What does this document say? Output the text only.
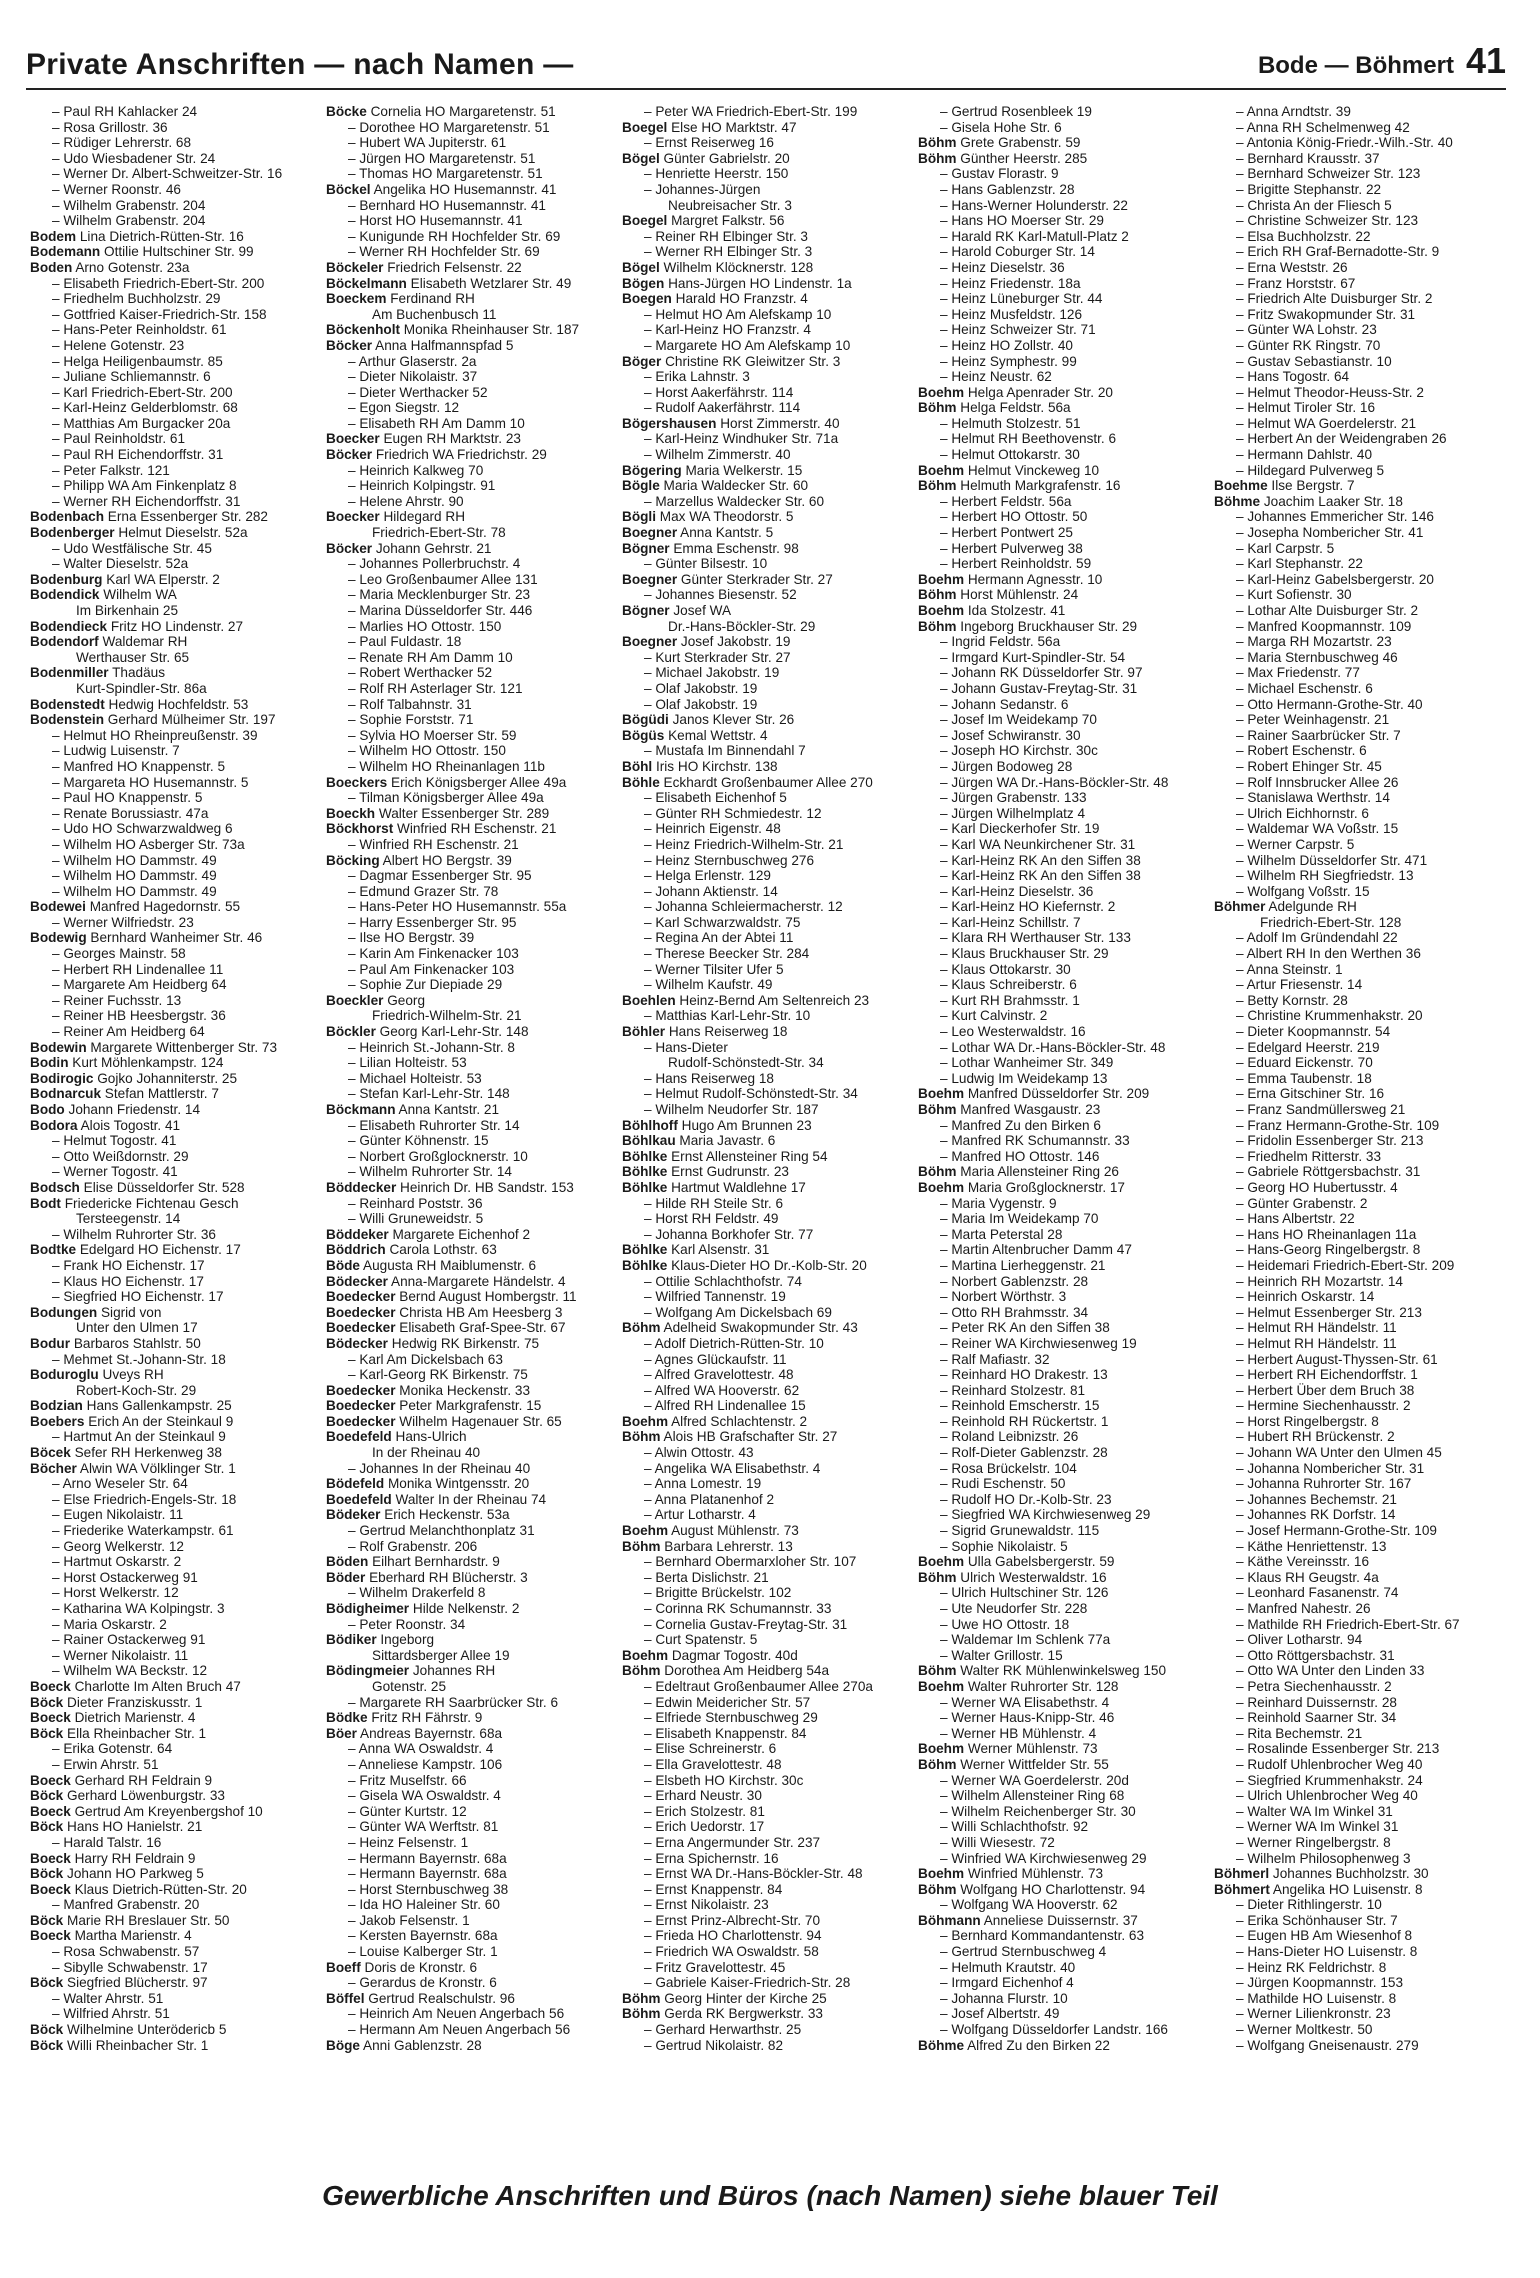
Private Anschriften — nach Namen —	Bode — Böhmert 41
– Paul RH Kahlacker 24
– Rosa Grillostr. 36
– Rüdiger Lehrerstr. 68
– Udo Wiesbadener Str. 24
– Werner Dr. Albert-Schweitzer-Str. 16
– Werner Roonstr. 46
– Wilhelm Grabenstr. 204
– Wilhelm Grabenstr. 204
Bodem Lina Dietrich-Rütten-Str. 16
Bodemann Ottilie Hultschiner Str. 99
Boden Arno Gotenstr. 23a
– Elisabeth Friedrich-Ebert-Str. 200
– Friedhelm Buchholzstr. 29
– Gottfried Kaiser-Friedrich-Str. 158
– Hans-Peter Reinholdstr. 61
– Helene Gotenstr. 23
– Helga Heiligenbaumstr. 85
– Juliane Schliemannstr. 6
– Karl Friedrich-Ebert-Str. 200
– Karl-Heinz Gelderblomstr. 68
– Matthias Am Burgacker 20a
– Paul Reinholdstr. 61
– Paul RH Eichendorffstr. 31
– Peter Falkstr. 121
– Philipp WA Am Finkenplatz 8
– Werner RH Eichendorffstr. 31
Bodenbach Erna Essenberger Str. 282
Bodenberger Helmut Dieselstr. 52a
– Udo Westfälische Str. 45
– Walter Dieselstr. 52a
Bodenburg Karl WA Elperstr. 2
Bodendick Wilhelm WA
Im Birkenhain 25
Bodendieck Fritz HO Lindenstr. 27
Bodendorf Waldemar RH
Werthauser Str. 65
Bodenmiller Thadäus
Kurt-Spindler-Str. 86a
Bodenstedt Hedwig Hochfeldstr. 53
Bodenstein Gerhard Mülheimer Str. 197
– Helmut HO Rheinpreußenstr. 39
– Ludwig Luisenstr. 7
– Manfred HO Knappenstr. 5
– Margareta HO Husemannstr. 5
– Paul HO Knappenstr. 5
– Renate Borussiastr. 47a
– Udo HO Schwarzwaldweg 6
– Wilhelm HO Asberger Str. 73a
– Wilhelm HO Dammstr. 49
– Wilhelm HO Dammstr. 49
– Wilhelm HO Dammstr. 49
Bodewei Manfred Hagedornstr. 55
– Werner Wilfriedstr. 23
Bodewig Bernhard Wanheimer Str. 46
– Georges Mainstr. 58
– Herbert RH Lindenallee 11
– Margarete Am Heidberg 64
– Reiner Fuchsstr. 13
– Reiner HB Heesbergstr. 36
– Reiner Am Heidberg 64
Bodewin Margarete Wittenberger Str. 73
Bodin Kurt Möhlenkampstr. 124
Bodirogic Gojko Johanniterstr. 25
Bodnarcuk Stefan Mattlerstr. 7
Bodo Johann Friedenstr. 14
Bodora Alois Togostr. 41
– Helmut Togostr. 41
– Otto Weißdornstr. 29
– Werner Togostr. 41
Bodsch Elise Düsseldorfer Str. 528
Bodt Friedericke Fichtenau Gesch
Tersteegenstr. 14
– Wilhelm Ruhrorter Str. 36
Bodtke Edelgard HO Eichenstr. 17
– Frank HO Eichenstr. 17
– Klaus HO Eichenstr. 17
– Siegfried HO Eichenstr. 17
Bodungen Sigrid von
Unter den Ulmen 17
Bodur Barbaros Stahlstr. 50
– Mehmet St.-Johann-Str. 18
Boduroglu Uveys RH
Robert-Koch-Str. 29
Bodzian Hans Gallenkampstr. 25
Boebers Erich An der Steinkaul 9
– Hartmut An der Steinkaul 9
Böcek Sefer RH Herkenweg 38
Böcher Alwin WA Völklinger Str. 1
– Arno Weseler Str. 64
– Else Friedrich-Engels-Str. 18
– Eugen Nikolaistr. 11
– Friederike Waterkampstr. 61
– Georg Welkerstr. 12
– Hartmut Oskarstr. 2
– Horst Ostackerweg 91
– Horst Welkerstr. 12
– Katharina WA Kolpingstr. 3
– Maria Oskarstr. 2
– Rainer Ostackerweg 91
– Werner Nikolaistr. 11
– Wilhelm WA Beckstr. 12
Boeck Charlotte Im Alten Bruch 47
Böck Dieter Franziskusstr. 1
Boeck Dietrich Marienstr. 4
Böck Ella Rheinbacher Str. 1
– Erika Gotenstr. 64
– Erwin Ahrstr. 51
Boeck Gerhard RH Feldrain 9
Böck Gerhard Löwenburgstr. 33
Boeck Gertrud Am Kreyenbergshof 10
Böck Hans HO Hanielstr. 21
– Harald Talstr. 16
Boeck Harry RH Feldrain 9
Böck Johann HO Parkweg 5
Boeck Klaus Dietrich-Rütten-Str. 20
– Manfred Grabenstr. 20
Böck Marie RH Breslauer Str. 50
Boeck Martha Marienstr. 4
– Rosa Schwabenstr. 57
– Sibylle Schwabenstr. 17
Böck Siegfried Blücherstr. 97
– Walter Ahrstr. 51
– Wilfried Ahrstr. 51
Böck Wilhelmine Unterödericb 5
Böck Willi Rheinbacher Str. 1
Böcke Cornelia HO Margaretenstr. 51
– Dorothee HO Margaretenstr. 51
– Hubert WA Jupiterstr. 61
– Jürgen HO Margaretenstr. 51
– Thomas HO Margaretenstr. 51
Böckel Angelika HO Husemannstr. 41
– Bernhard HO Husemannstr. 41
– Horst HO Husemannstr. 41
– Kunigunde RH Hochfelder Str. 69
– Werner RH Hochfelder Str. 69
Böckeler Friedrich Felsenstr. 22
Böckelmann Elisabeth Wetzlarer Str. 49
Boeckem Ferdinand RH
Am Buchenbusch 11
Böckenholt Monika Rheinhauser Str. 187
Böcker Anna Halfmannspfad 5
– Arthur Glaserstr. 2a
– Dieter Nikolaistr. 37
– Dieter Werthacker 52
– Egon Siegstr. 12
– Elisabeth RH Am Damm 10
Boecker Eugen RH Marktstr. 23
Böcker Friedrich WA Friedrichstr. 29
– Heinrich Kalkweg 70
– Heinrich Kolpingstr. 91
– Helene Ahrstr. 90
Boecker Hildegard RH
Friedrich-Ebert-Str. 78
Böcker Johann Gehrstr. 21
– Johannes Pollerbruchstr. 4
– Leo Großenbaumer Allee 131
– Maria Mecklenburger Str. 23
– Marina Düsseldorfer Str. 446
– Marlies HO Ottostr. 150
– Paul Fuldastr. 18
– Renate RH Am Damm 10
– Robert Werthacker 52
– Rolf RH Asterlager Str. 121
– Rolf Talbahnstr. 31
– Sophie Forststr. 71
– Sylvia HO Moerser Str. 59
– Wilhelm HO Ottostr. 150
– Wilhelm HO Rheinanlagen 11b
Boeckers Erich Königsberger Allee 49a
– Tilman Königsberger Allee 49a
Boeckh Walter Essenberger Str. 289
Böckhorst Winfried RH Eschenstr. 21
– Winfried RH Eschenstr. 21
Böcking Albert HO Bergstr. 39
– Dagmar Essenberger Str. 95
– Edmund Grazer Str. 78
– Hans-Peter HO Husemannstr. 55a
– Harry Essenberger Str. 95
– Ilse HO Bergstr. 39
– Karin Am Finkenacker 103
– Paul Am Finkenacker 103
– Sophie Zur Diepiade 29
Boeckler Georg
Friedrich-Wilhelm-Str. 21
Böckler Georg Karl-Lehr-Str. 148
– Heinrich St.-Johann-Str. 8
– Lilian Holteistr. 53
– Michael Holteistr. 53
– Stefan Karl-Lehr-Str. 148
Böckmann Anna Kantstr. 21
– Elisabeth Ruhrorter Str. 14
– Günter Köhnenstr. 15
– Norbert Großglocknerstr. 10
– Wilhelm Ruhrorter Str. 14
Böddecker Heinrich Dr. HB Sandstr. 153
– Reinhard Poststr. 36
– Willi Gruneweidstr. 5
Böddeker Margarete Eichenhof 2
Böddrich Carola Lothstr. 63
Böde Augusta RH Maiblumenstr. 6
Bödecker Anna-Margarete Händelstr. 4
Boedecker Bernd August Hombergstr. 11
Boedecker Christa HB Am Heesberg 3
Boedecker Elisabeth Graf-Spee-Str. 67
Bödecker Hedwig RK Birkenstr. 75
– Karl Am Dickelsbach 63
– Karl-Georg RK Birkenstr. 75
Boedecker Monika Heckenstr. 33
Boedecker Peter Markgrafenstr. 15
Boedecker Wilhelm Hagenauer Str. 65
Boedefeld Hans-Ulrich
In der Rheinau 40
– Johannes In der Rheinau 40
Bödefeld Monika Wintgensstr. 20
Boedefeld Walter In der Rheinau 74
Bödeker Erich Heckenstr. 53a
– Gertrud Melanchthonplatz 31
– Rolf Grabenstr. 206
Böden Eilhart Bernhardstr. 9
Böder Eberhard RH Blücherstr. 3
– Wilhelm Drakerfeld 8
Bödigheimer Hilde Nelkenstr. 2
– Peter Roonstr. 34
Bödiker Ingeborg
Sittardsberger Allee 19
Bödingmeier Johannes RH
Gotenstr. 25
– Margarete RH Saarbrücker Str. 6
Bödke Fritz RH Fährstr. 9
Böer Andreas Bayernstr. 68a
– Anna WA Oswaldstr. 4
– Anneliese Kampstr. 106
– Fritz Muselfstr. 66
– Gisela WA Oswaldstr. 4
– Günter Kurtstr. 12
– Günter WA Werftstr. 81
– Heinz Felsenstr. 1
– Hermann Bayernstr. 68a
– Hermann Bayernstr. 68a
– Horst Sternbuschweg 38
– Ida HO Haleiner Str. 60
– Jakob Felsenstr. 1
– Kersten Bayernstr. 68a
– Louise Kalberger Str. 1
Boeff Doris de Kronstr. 6
– Gerardus de Kronstr. 6
Böffel Gertrud Realschulstr. 96
– Heinrich Am Neuen Angerbach 56
– Hermann Am Neuen Angerbach 56
Böge Anni Gablenzstr. 28
– Peter WA Friedrich-Ebert-Str. 199
Boegel Else HO Marktstr. 47
– Ernst Reiserweg 16
Bögel Günter Gabrielstr. 20
– Henriette Heerstr. 150
– Johannes-Jürgen
Neubreisacher Str. 3
Boegel Margret Falkstr. 56
– Reiner RH Elbinger Str. 3
– Werner RH Elbinger Str. 3
Bögel Wilhelm Klöcknerstr. 128
Bögen Hans-Jürgen HO Lindenstr. 1a
Boegen Harald HO Franzstr. 4
– Helmut HO Am Alefskamp 10
– Karl-Heinz HO Franzstr. 4
– Margarete HO Am Alefskamp 10
Böger Christine RK Gleiwitzer Str. 3
– Erika Lahnstr. 3
– Horst Aakerfährstr. 114
– Rudolf Aakerfährstr. 114
Bögershausen Horst Zimmerstr. 40
– Karl-Heinz Windhuker Str. 71a
– Wilhelm Zimmerstr. 40
Bögering Maria Welkerstr. 15
Bögle Maria Waldecker Str. 60
– Marzellus Waldecker Str. 60
Bögli Max WA Theodorstr. 5
Boegner Anna Kantstr. 5
Bögner Emma Eschenstr. 98
– Günter Bilsestr. 10
Boegner Günter Sterkrader Str. 27
– Johannes Biesenstr. 52
Bögner Josef WA
Dr.-Hans-Böckler-Str. 29
Boegner Josef Jakobstr. 19
– Kurt Sterkrader Str. 27
– Michael Jakobstr. 19
– Olaf Jakobstr. 19
– Olaf Jakobstr. 19
Bögüdi Janos Klever Str. 26
Bögüs Kemal Wettstr. 4
– Mustafa Im Binnendahl 7
Böhl Iris HO Kirchstr. 138
Böhle Eckhardt Großenbaumer Allee 270
– Elisabeth Eichenhof 5
– Günter RH Schmiedestr. 12
– Heinrich Eigenstr. 48
– Heinz Friedrich-Wilhelm-Str. 21
– Heinz Sternbuschweg 276
– Helga Erlenstr. 129
– Johann Aktienstr. 14
– Johanna Schleiermacherstr. 12
– Karl Schwarzwaldstr. 75
– Regina An der Abtei 11
– Therese Beecker Str. 284
– Werner Tilsiter Ufer 5
– Wilhelm Kaufstr. 49
Boehlen Heinz-Bernd Am Seltenreich 23
– Matthias Karl-Lehr-Str. 10
Böhler Hans Reiserweg 18
– Hans-Dieter
Rudolf-Schönstedt-Str. 34
– Hans Reiserweg 18
– Helmut Rudolf-Schönstedt-Str. 34
– Wilhelm Neudorfer Str. 187
Böhlhoff Hugo Am Brunnen 23
Böhlkau Maria Javastr. 6
Böhlke Ernst Allensteiner Ring 54
Böhlke Ernst Gudrunstr. 23
Böhlke Hartmut Waldlehne 17
– Hilde RH Steile Str. 6
– Horst RH Feldstr. 49
– Johanna Borkhofer Str. 77
Böhlke Karl Alsenstr. 31
Böhlke Klaus-Dieter HO Dr.-Kolb-Str. 20
– Ottilie Schlachthofstr. 74
– Wilfried Tannenstr. 19
– Wolfgang Am Dickelsbach 69
Böhm Adelheid Swakopmunder Str. 43
– Adolf Dietrich-Rütten-Str. 10
– Agnes Glückaufstr. 11
– Alfred Gravelottestr. 48
– Alfred WA Hooverstr. 62
– Alfred RH Lindenallee 15
Boehm Alfred Schlachtenstr. 2
Böhm Alois HB Grafschafter Str. 27
– Alwin Ottostr. 43
– Angelika WA Elisabethstr. 4
– Anna Lomestr. 19
– Anna Platanenhof 2
– Artur Lotharstr. 4
Boehm August Mühlenstr. 73
Böhm Barbara Lehrerstr. 13
– Bernhard Obermarxloher Str. 107
– Berta Dislichstr. 21
– Brigitte Brückelstr. 102
– Corinna RK Schumannstr. 33
– Cornelia Gustav-Freytag-Str. 31
– Curt Spatenstr. 5
Boehm Dagmar Togostr. 40d
Böhm Dorothea Am Heidberg 54a
– Edeltraut Großenbaumer Allee 270a
– Edwin Meidericher Str. 57
– Elfriede Sternbuschweg 29
– Elisabeth Knappenstr. 84
– Elise Schreinerstr. 6
– Ella Gravelottestr. 48
– Elsbeth HO Kirchstr. 30c
– Erhard Neustr. 30
– Erich Stolzestr. 81
– Erich Uedorstr. 17
– Erna Angermunder Str. 237
– Erna Spichernstr. 16
– Ernst WA Dr.-Hans-Böckler-Str. 48
– Ernst Knappenstr. 84
– Ernst Nikolaistr. 23
– Ernst Prinz-Albrecht-Str. 70
– Frieda HO Charlottenstr. 94
– Friedrich WA Oswaldstr. 58
– Fritz Gravelottestr. 45
– Gabriele Kaiser-Friedrich-Str. 28
Böhm Georg Hinter der Kirche 25
Böhm Gerda RK Bergwerkstr. 33
– Gerhard Herwarthstr. 25
– Gertrud Nikolaistr. 82
– Gertrud Rosenbleek 19
– Gisela Hohe Str. 6
Böhm Grete Grabenstr. 59
Böhm Günther Heerstr. 285
– Gustav Florastr. 9
– Hans Gablenzstr. 28
– Hans-Werner Holunderstr. 22
– Hans HO Moerser Str. 29
– Harald RK Karl-Matull-Platz 2
– Harold Coburger Str. 14
– Heinz Dieselstr. 36
– Heinz Friedenstr. 18a
– Heinz Lüneburger Str. 44
– Heinz Musfeldstr. 126
– Heinz Schweizer Str. 71
– Heinz HO Zollstr. 40
– Heinz Symphestr. 99
– Heinz Neustr. 62
Boehm Helga Apenrader Str. 20
Böhm Helga Feldstr. 56a
– Helmuth Stolzestr. 51
– Helmut RH Beethovenstr. 6
– Helmut Ottokarstr. 30
Boehm Helmut Vinckeweg 10
Böhm Helmuth Markgrafenstr. 16
– Herbert Feldstr. 56a
– Herbert HO Ottostr. 50
– Herbert Pontwert 25
– Herbert Pulverweg 38
– Herbert Reinholdstr. 59
Boehm Hermann Agnesstr. 10
Böhm Horst Mühlenstr. 24
Boehm Ida Stolzestr. 41
Böhm Ingeborg Bruckhauser Str. 29
– Ingrid Feldstr. 56a
– Irmgard Kurt-Spindler-Str. 54
– Johann RK Düsseldorfer Str. 97
– Johann Gustav-Freytag-Str. 31
– Johann Sedanstr. 6
– Josef Im Weidekamp 70
– Josef Schwiranstr. 30
– Joseph HO Kirchstr. 30c
– Jürgen Bodoweg 28
– Jürgen WA Dr.-Hans-Böckler-Str. 48
– Jürgen Grabenstr. 133
– Jürgen Wilhelmplatz 4
– Karl Dieckerhofer Str. 19
– Karl WA Neunkirchener Str. 31
– Karl-Heinz RK An den Siffen 38
– Karl-Heinz RK An den Siffen 38
– Karl-Heinz Dieselstr. 36
– Karl-Heinz HO Kiefernstr. 2
– Karl-Heinz Schillstr. 7
– Klara RH Werthauser Str. 133
– Klaus Bruckhauser Str. 29
– Klaus Ottokarstr. 30
– Klaus Schreiberstr. 6
– Kurt RH Brahmsstr. 1
– Kurt Calvinstr. 2
– Leo Westerwaldstr. 16
– Lothar WA Dr.-Hans-Böckler-Str. 48
– Lothar Wanheimer Str. 349
– Ludwig Im Weidekamp 13
Boehm Manfred Düsseldorfer Str. 209
Böhm Manfred Wasgaustr. 23
– Manfred Zu den Birken 6
– Manfred RK Schumannstr. 33
– Manfred HO Ottostr. 146
Böhm Maria Allensteiner Ring 26
Boehm Maria Großglocknerstr. 17
– Maria Vygenstr. 9
– Maria Im Weidekamp 70
– Marta Peterstal 28
– Martin Altenbrucher Damm 47
– Martina Lierheggenstr. 21
– Norbert Gablenzstr. 28
– Norbert Wörthstr. 3
– Otto RH Brahmsstr. 34
– Peter RK An den Siffen 38
– Reiner WA Kirchwiesenweg 19
– Ralf Mafiastr. 32
– Reinhard HO Drakestr. 13
– Reinhard Stolzestr. 81
– Reinhold Emscherstr. 15
– Reinhold RH Rückertstr. 1
– Roland Leibnizstr. 26
– Rolf-Dieter Gablenzstr. 28
– Rosa Brückelstr. 104
– Rudi Eschenstr. 50
– Rudolf HO Dr.-Kolb-Str. 23
– Siegfried WA Kirchwiesenweg 29
– Sigrid Grunewaldstr. 115
– Sophie Nikolaistr. 5
Boehm Ulla Gabelsbergerstr. 59
Böhm Ulrich Westerwaldstr. 16
– Ulrich Hultschiner Str. 126
– Ute Neudorfer Str. 228
– Uwe HO Ottostr. 18
– Waldemar Im Schlenk 77a
– Walter Grillostr. 15
Böhm Walter RK Mühlenwinkelsweg 150
Boehm Walter Ruhrorter Str. 128
– Werner WA Elisabethstr. 4
– Werner Haus-Knipp-Str. 46
– Werner HB Mühlenstr. 4
Boehm Werner Mühlenstr. 73
Böhm Werner Wittfelder Str. 55
– Werner WA Goerdelerstr. 20d
– Wilhelm Allensteiner Ring 68
– Wilhelm Reichenberger Str. 30
– Willi Schlachthofstr. 92
– Willi Wiesestr. 72
– Winfried WA Kirchwiesenweg 29
Boehm Winfried Mühlenstr. 73
Böhm Wolfgang HO Charlottenstr. 94
– Wolfgang WA Hooverstr. 62
Böhmann Anneliese Duissernstr. 37
– Bernhard Kommandantenstr. 63
– Gertrud Sternbuschweg 4
– Helmuth Krautstr. 40
– Irmgard Eichenhof 4
– Johanna Flurstr. 10
– Josef Albertstr. 49
– Wolfgang Düsseldorfer Landstr. 166
Böhme Alfred Zu den Birken 22
– Anna Arndtstr. 39
– Anna RH Schelmenweg 42
– Antonia König-Friedr.-Wilh.-Str. 40
– Bernhard Krausstr. 37
– Bernhard Schweizer Str. 123
– Brigitte Stephanstr. 22
– Christa An der Fliesch 5
– Christine Schweizer Str. 123
– Elsa Buchholzstr. 22
– Erich RH Graf-Bernadotte-Str. 9
– Erna Weststr. 26
– Franz Horststr. 67
– Friedrich Alte Duisburger Str. 2
– Fritz Swakopmunder Str. 31
– Günter WA Lohstr. 23
– Günter RK Ringstr. 70
– Gustav Sebastianstr. 10
– Hans Togostr. 64
– Helmut Theodor-Heuss-Str. 2
– Helmut Tiroler Str. 16
– Helmut WA Goerdelerstr. 21
– Herbert An der Weidengraben 26
– Hermann Dahlstr. 40
– Hildegard Pulverweg 5
Boehme Ilse Bergstr. 7
Böhme Joachim Laaker Str. 18
– Johannes Emmericher Str. 146
– Josepha Nombericher Str. 41
– Karl Carpstr. 5
– Karl Stephanstr. 22
– Karl-Heinz Gabelsbergerstr. 20
– Kurt Sofienstr. 30
– Lothar Alte Duisburger Str. 2
– Manfred Koopmannstr. 109
– Marga RH Mozartstr. 23
– Maria Sternbuschweg 46
– Max Friedenstr. 77
– Michael Eschenstr. 6
– Otto Hermann-Grothe-Str. 40
– Peter Weinhagenstr. 21
– Rainer Saarbrücker Str. 7
– Robert Eschenstr. 6
– Robert Ehinger Str. 45
– Rolf Innsbrucker Allee 26
– Stanislawa Werthstr. 14
– Ulrich Eichhornstr. 6
– Waldemar WA Voßstr. 15
– Werner Carpstr. 5
– Wilhelm Düsseldorfer Str. 471
– Wilhelm RH Siegfriedstr. 13
– Wolfgang Voßstr. 15
Böhmer Adelgunde RH
Friedrich-Ebert-Str. 128
– Adolf Im Gründendahl 22
– Albert RH In den Werthen 36
– Anna Steinstr. 1
– Artur Friesenstr. 14
– Betty Kornstr. 28
– Christine Krummenhakstr. 20
– Dieter Koopmannstr. 54
– Edelgard Heerstr. 219
– Eduard Eickenstr. 70
– Emma Taubenstr. 18
– Erna Gitschiner Str. 16
– Franz Sandmüllersweg 21
– Franz Hermann-Grothe-Str. 109
– Fridolin Essenberger Str. 213
– Friedhelm Ritterstr. 33
– Gabriele Röttgersbachstr. 31
– Georg HO Hubertusstr. 4
– Günter Grabenstr. 2
– Hans Albertstr. 22
– Hans HO Rheinanlagen 11a
– Hans-Georg Ringelbergstr. 8
– Heidemari Friedrich-Ebert-Str. 209
– Heinrich RH Mozartstr. 14
– Heinrich Oskarstr. 14
– Helmut Essenberger Str. 213
– Helmut RH Händelstr. 11
– Helmut RH Händelstr. 11
– Herbert August-Thyssen-Str. 61
– Herbert RH Eichendorffstr. 1
– Herbert Über dem Bruch 38
– Hermine Siechenhausstr. 2
– Horst Ringelbergstr. 8
– Hubert RH Brückenstr. 2
– Johann WA Unter den Ulmen 45
– Johanna Nombericher Str. 31
– Johanna Ruhrorter Str. 167
– Johannes Bechemstr. 21
– Johannes RK Dorfstr. 14
– Josef Hermann-Grothe-Str. 109
– Käthe Henriettenstr. 13
– Käthe Vereinsstr. 16
– Klaus RH Geugstr. 4a
– Leonhard Fasanenstr. 74
– Manfred Nahestr. 26
– Mathilde RH Friedrich-Ebert-Str. 67
– Oliver Lotharstr. 94
– Otto Röttgersbachstr. 31
– Otto WA Unter den Linden 33
– Petra Siechenhausstr. 2
– Reinhard Duissernstr. 28
– Reinhold Saarner Str. 34
– Rita Bechemstr. 21
– Rosalinde Essenberger Str. 213
– Rudolf Uhlenbrocher Weg 40
– Siegfried Krummenhakstr. 24
– Ulrich Uhlenbrocher Weg 40
– Walter WA Im Winkel 31
– Werner WA Im Winkel 31
– Werner Ringelbergstr. 8
– Wilhelm Philosophenweg 3
Böhmerl Johannes Buchholzstr. 30
Böhmert Angelika HO Luisenstr. 8
– Dieter Rithlingerstr. 10
– Erika Schönhauser Str. 7
– Eugen HB Am Wiesenhof 8
– Hans-Dieter HO Luisenstr. 8
– Heinz RK Feldrichstr. 8
– Jürgen Koopmannstr. 153
– Mathilde HO Luisenstr. 8
– Werner Lilienkronstr. 23
– Werner Moltkestr. 50
– Wolfgang Gneisenaustr. 279
Gewerbliche Anschriften und Büros (nach Namen) siehe blauer Teil
